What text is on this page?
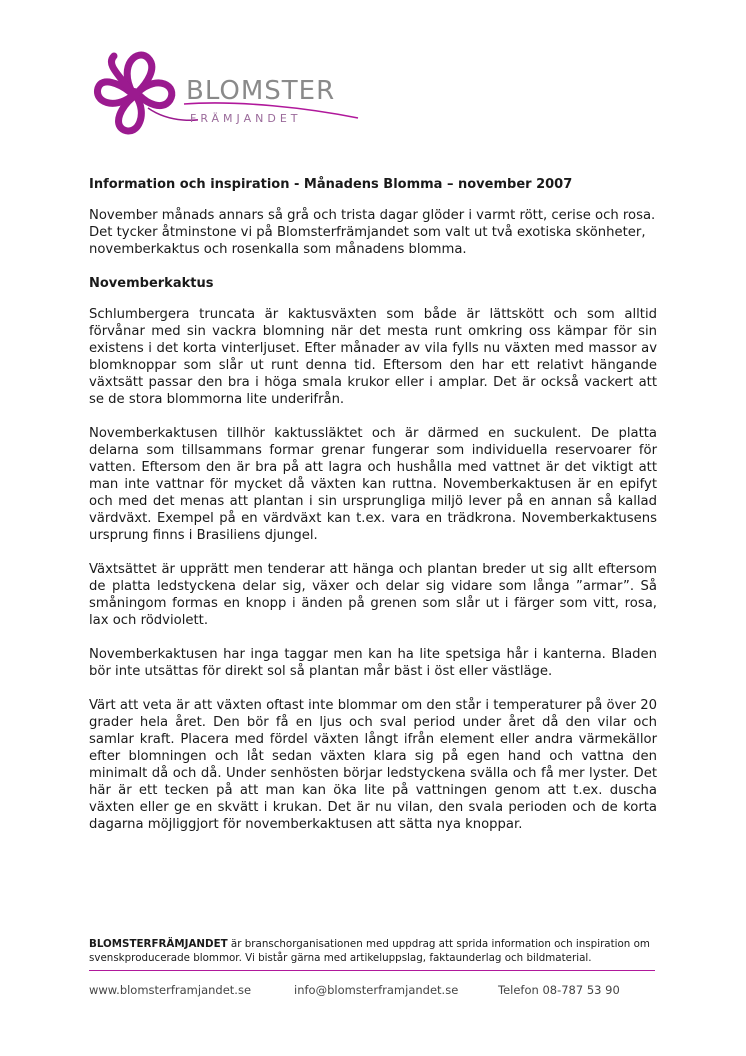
BLOMSTER
FRÄMJANDET
Information och inspiration - Månadens Blomma – november 2007

November månads annars så grå och trista dagar glöder i varmt rött, cerise och rosa. Det tycker åtminstone vi på Blomsterfrämjandet som valt ut två exotiska skönheter, novemberkaktus och rosenkalla som månadens blomma.

Novemberkaktus

Schlumbergera truncata är kaktusväxten som både är lättskött och som alltid förvånar med sin vackra blomning när det mesta runt omkring oss kämpar för sin existens i det korta vinterljuset. Efter månader av vila fylls nu växten med massor av blomknoppar som slår ut runt denna tid. Eftersom den har ett relativt hängande växtsätt passar den bra i höga smala krukor eller i amplar. Det är också vackert att se de stora blommorna lite underifrån.

Novemberkaktusen tillhör kaktussläktet och är därmed en suckulent. De platta delarna som tillsammans formar grenar fungerar som individuella reservoarer för vatten. Eftersom den är bra på att lagra och hushålla med vattnet är det viktigt att man inte vattnar för mycket då växten kan ruttna. Novemberkaktusen är en epifyt och med det menas att plantan i sin ursprungliga miljö lever på en annan så kallad värdväxt. Exempel på en värdväxt kan t.ex. vara en trädkrona. Novemberkaktusens ursprung finns i Brasiliens djungel.

Växtsättet är upprätt men tenderar att hänga och plantan breder ut sig allt eftersom de platta ledstyckena delar sig, växer och delar sig vidare som långa ”armar”. Så småningom formas en knopp i änden på grenen som slår ut i färger som vitt, rosa, lax och rödviolett.

Novemberkaktusen har inga taggar men kan ha lite spetsiga hår i kanterna. Bladen bör inte utsättas för direkt sol så plantan mår bäst i öst eller västläge.

Värt att veta är att växten oftast inte blommar om den står i temperaturer på över 20 grader hela året. Den bör få en ljus och sval period under året då den vilar och samlar kraft. Placera med fördel växten långt ifrån element eller andra värmekällor efter blomningen och låt sedan växten klara sig på egen hand och vattna den minimalt då och då. Under senhösten börjar ledstyckena svälla och få mer lyster. Det här är ett tecken på att man kan öka lite på vattningen genom att t.ex. duscha växten eller ge en skvätt i krukan. Det är nu vilan, den svala perioden och de korta dagarna möjliggjort för novemberkaktusen att sätta nya knoppar.

BLOMSTERFRÄMJANDET är branschorganisationen med uppdrag att sprida information och inspiration om svenskproducerade blommor. Vi bistår gärna med artikeluppslag, faktaunderlag och bildmaterial.
www.blomsterframjandet.se	info@blomsterframjandet.se	Telefon 08-787 53 90
